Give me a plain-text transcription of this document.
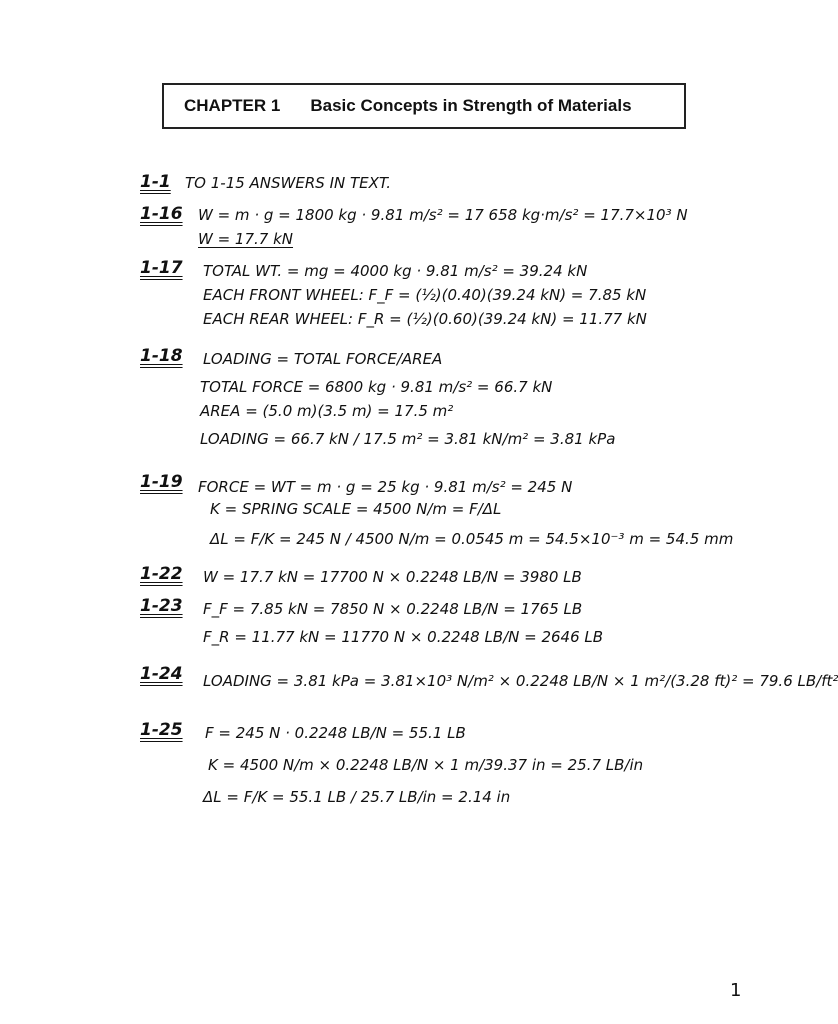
CHAPTER 1 Basic Concepts in Strength of Materials
1-1 TO 1-15 ANSWERS IN TEXT.
1-16 W = m · g = 1800 kg · 9.81 m/s² = 17 658 kg·m/s² = 17.7×10³ N
W = 17.7 kN
1-17 TOTAL WT. = mg = 4000 kg · 9.81 m/s² = 39.24 kN
EACH FRONT WHEEL: F_F = (½)(0.40)(39.24 kN) = 7.85 kN
EACH REAR WHEEL: F_R = (½)(0.60)(39.24 kN) = 11.77 kN
1-18 LOADING = TOTAL FORCE/AREA
TOTAL FORCE = 6800 kg · 9.81 m/s² = 66.7 kN
AREA = (5.0 m)(3.5 m) = 17.5 m²
LOADING = 66.7 kN / 17.5 m² = 3.81 kN/m² = 3.81 kPa
1-19 FORCE = WT = m · g = 25 kg · 9.81 m/s² = 245 N
K = SPRING SCALE = 4500 N/m = F/ΔL
ΔL = F/K = 245 N / 4500 N/m = 0.0545 m = 54.5×10⁻³ m = 54.5 mm
1-22 W = 17.7 kN = 17700 N × 0.2248 LB/N = 3980 LB
1-23 F_F = 7.85 kN = 7850 N × 0.2248 LB/N = 1765 LB
F_R = 11.77 kN = 11770 N × 0.2248 LB/N = 2646 LB
1-24 LOADING = 3.81 kPa = 3.81×10³ N/m² × 0.2248 LB/N × 1 m²/(3.28 ft)² = 79.6 LB/ft²
1-25 F = 245 N · 0.2248 LB/N = 55.1 LB
K = 4500 N/m × 0.2248 LB/N × 1 m/39.37 in = 25.7 LB/in
ΔL = F/K = 55.1 LB / 25.7 LB/in = 2.14 in
1
